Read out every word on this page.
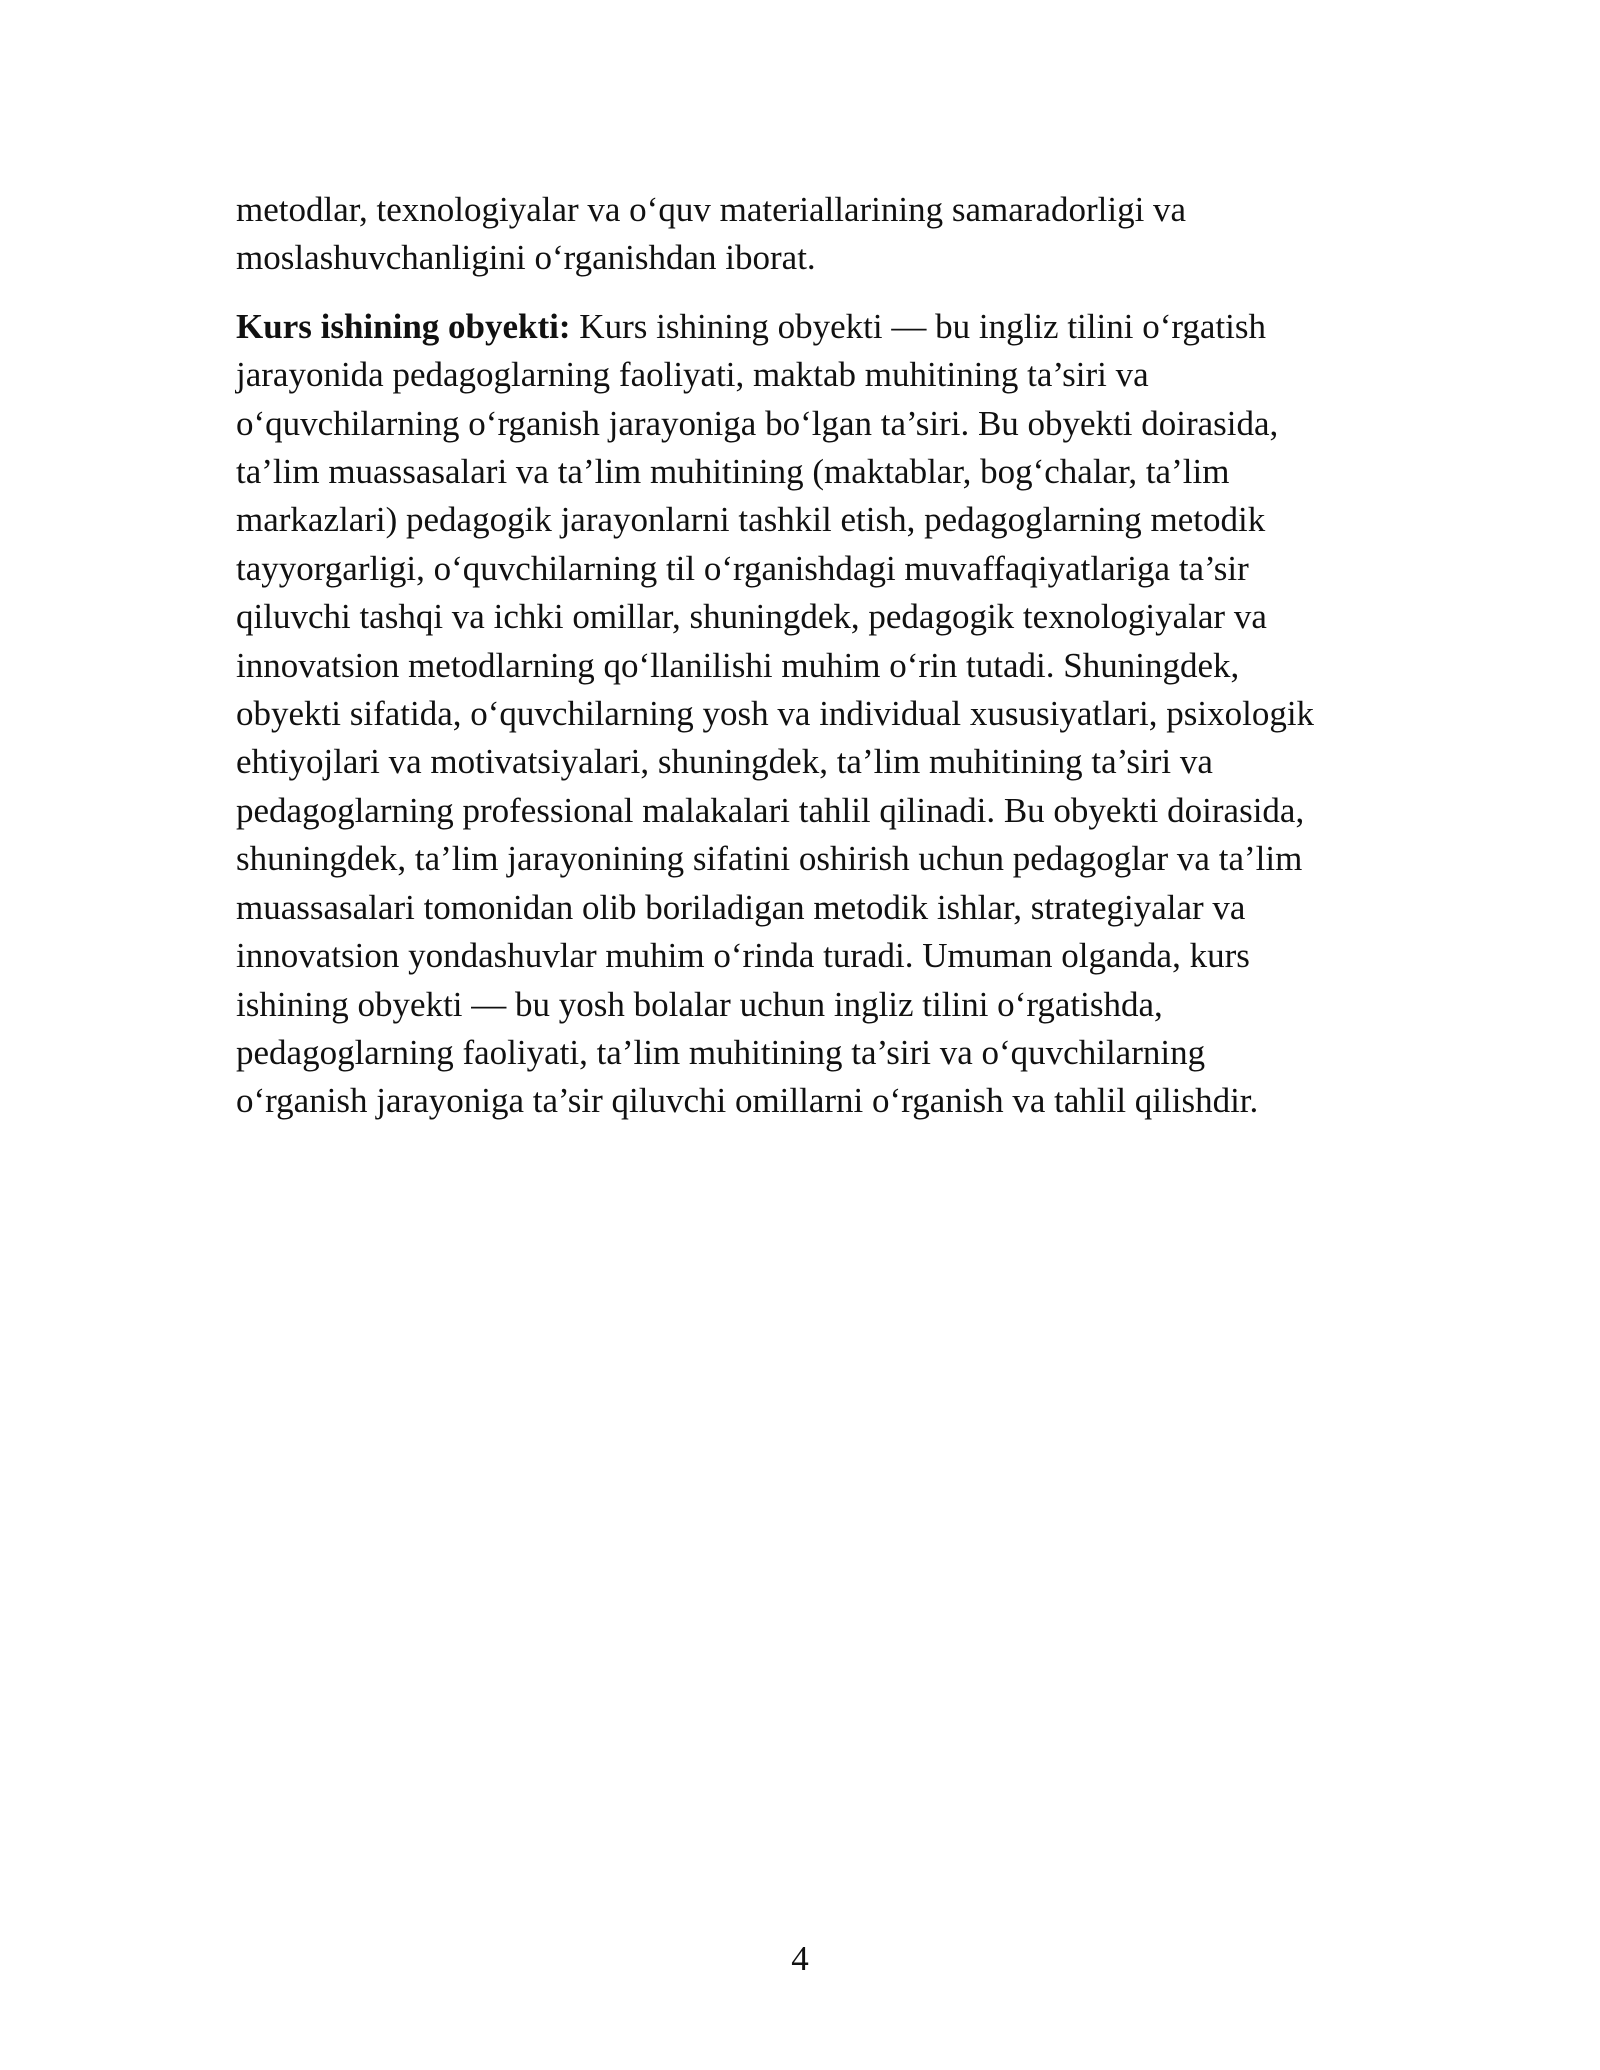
metodlar, texnologiyalar va o‘quv materiallarining samaradorligi va
moslashuvchanligini o‘rganishdan iborat.

Kurs ishining obyekti: Kurs ishining obyekti — bu ingliz tilini o‘rgatish
jarayonida pedagoglarning faoliyati, maktab muhitining ta’siri va
o‘quvchilarning o‘rganish jarayoniga bo‘lgan ta’siri. Bu obyekti doirasida,
ta’lim muassasalari va ta’lim muhitining (maktablar, bog‘chalar, ta’lim
markazlari) pedagogik jarayonlarni tashkil etish, pedagoglarning metodik
tayyorgarligi, o‘quvchilarning til o‘rganishdagi muvaffaqiyatlariga ta’sir
qiluvchi tashqi va ichki omillar, shuningdek, pedagogik texnologiyalar va
innovatsion metodlarning qo‘llanilishi muhim o‘rin tutadi. Shuningdek,
obyekti sifatida, o‘quvchilarning yosh va individual xususiyatlari, psixologik
ehtiyojlari va motivatsiyalari, shuningdek, ta’lim muhitining ta’siri va
pedagoglarning professional malakalari tahlil qilinadi. Bu obyekti doirasida,
shuningdek, ta’lim jarayonining sifatini oshirish uchun pedagoglar va ta’lim
muassasalari tomonidan olib boriladigan metodik ishlar, strategiyalar va
innovatsion yondashuvlar muhim o‘rinda turadi. Umuman olganda, kurs
ishining obyekti — bu yosh bolalar uchun ingliz tilini o‘rgatishda,
pedagoglarning faoliyati, ta’lim muhitining ta’siri va o‘quvchilarning
o‘rganish jarayoniga ta’sir qiluvchi omillarni o‘rganish va tahlil qilishdir.

4
